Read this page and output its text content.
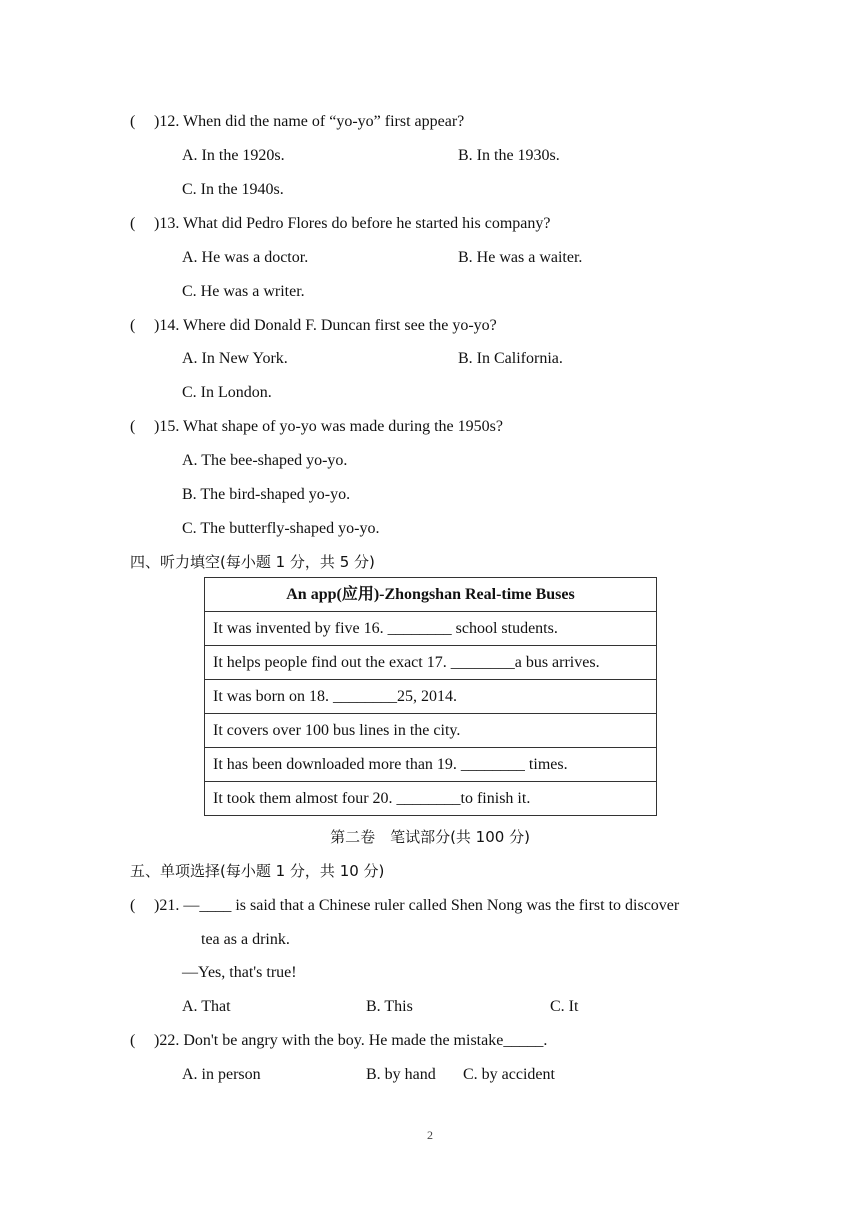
( )12. When did the name of “yo-yo” first appear?
A. In the 1920s.	B. In the 1930s.
C. In the 1940s.
( )13. What did Pedro Flores do before he started his company?
A. He was a doctor.	B. He was a waiter.
C. He was a writer.
( )14. Where did Donald F. Duncan first see the yo-yo?
A. In New York.	B. In California.
C. In London.
( )15. What shape of yo-yo was made during the 1950s?
A. The bee-shaped yo-yo.
B. The bird-shaped yo-yo.
C. The butterfly-shaped yo-yo.
四、听力填空(每小题 1 分，共 5 分)
An app(应用)-Zhongshan Real-time Buses
It was invented by five 16. ________ school students.
It helps people find out the exact 17. ________a bus arrives.
It was born on 18. ________25, 2014.
It covers over 100 bus lines in the city.
It has been downloaded more than 19. ________ times.
It took them almost four 20. ________to finish it.
第二卷　笔试部分(共 100 分)
五、单项选择(每小题 1 分，共 10 分)
( )21. —____ is said that a Chinese ruler called Shen Nong was the first to discover
tea as a drink.
—Yes, that's true!
A. That	B. This	C. It
( )22. Don't be angry with the boy. He made the mistake_____.
A. in person	B. by hand C. by accident
2
